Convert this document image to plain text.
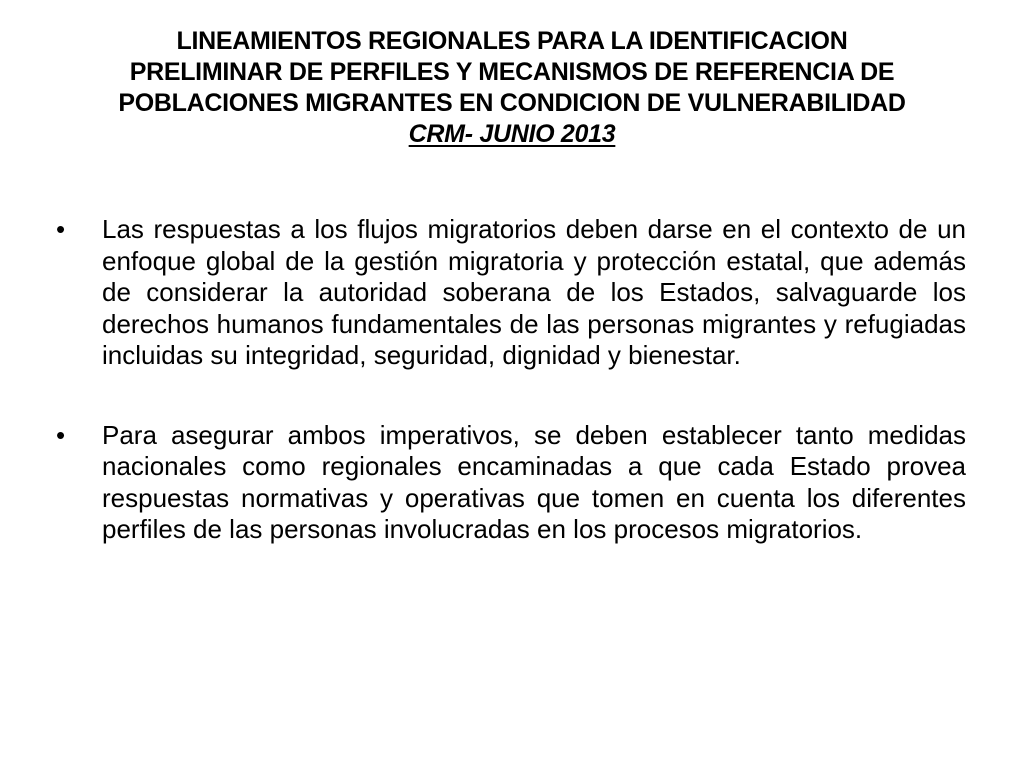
LINEAMIENTOS REGIONALES PARA LA IDENTIFICACION
PRELIMINAR DE PERFILES Y MECANISMOS DE REFERENCIA DE
POBLACIONES MIGRANTES EN CONDICION DE VULNERABILIDAD
CRM- JUNIO 2013
• Las respuestas a los flujos migratorios deben darse en el contexto de un enfoque global de la gestión migratoria y protección estatal, que además de considerar la autoridad soberana de los Estados, salvaguarde los derechos humanos fundamentales de las personas migrantes y refugiadas incluidas su integridad, seguridad, dignidad y bienestar.
• Para asegurar ambos imperativos, se deben establecer tanto medidas nacionales como regionales encaminadas a que cada Estado provea respuestas normativas y operativas que tomen en cuenta los diferentes perfiles de las personas involucradas en los procesos migratorios.
